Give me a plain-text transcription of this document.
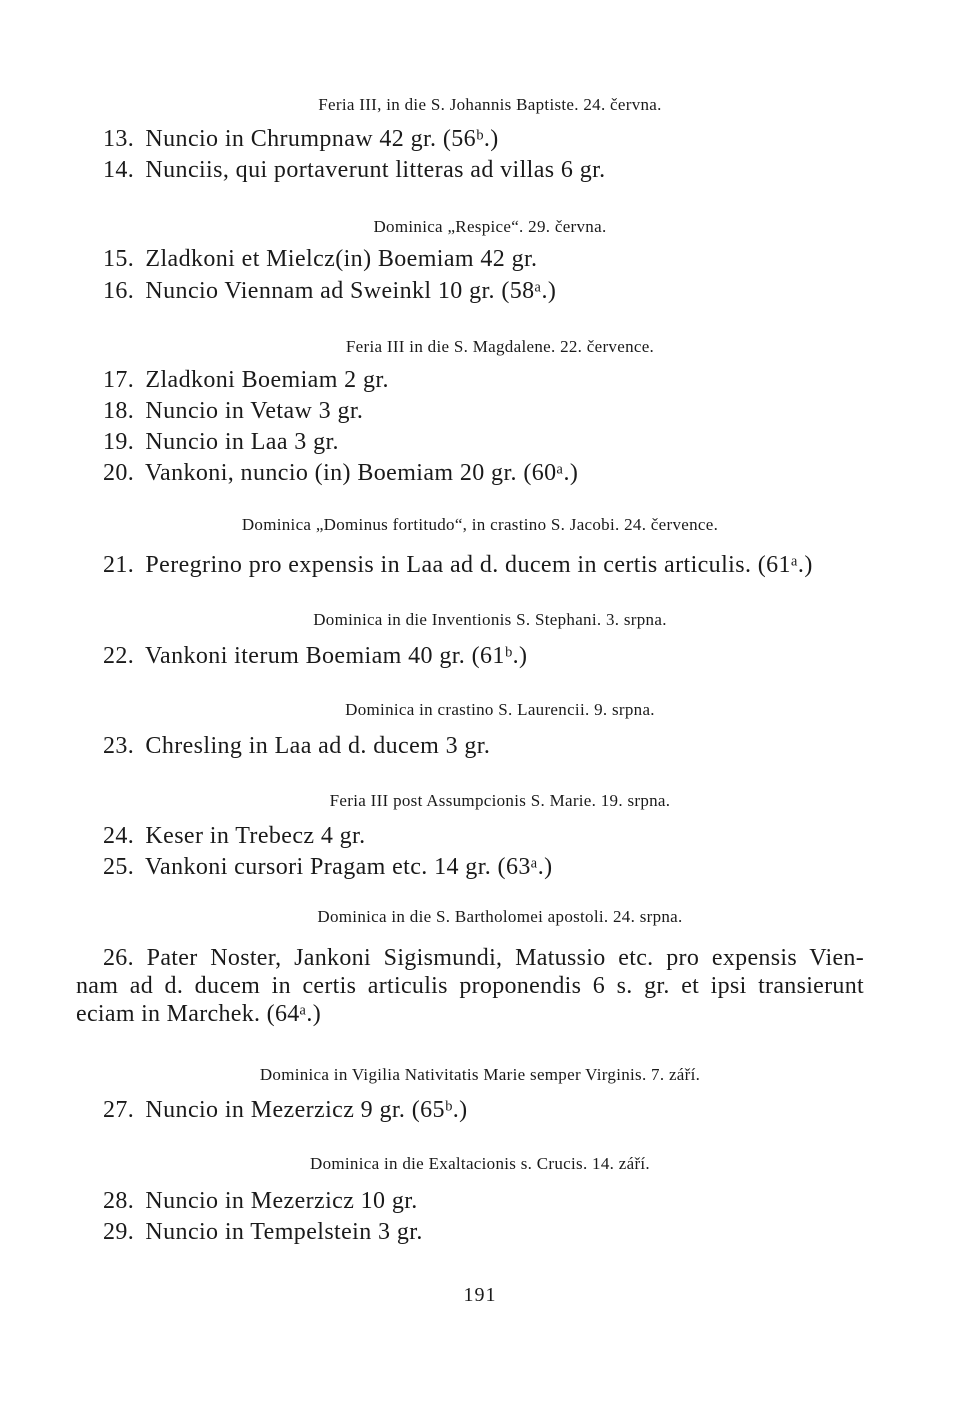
Feria III, in die S. Johannis Baptiste. 24. června.
13. Nuncio in Chrumpnaw 42 gr. (56ᵇ.)
14. Nunciis, qui portaverunt litteras ad villas 6 gr.
Dominica „Respice“. 29. června.
15. Zladkoni et Mielcz(in) Boemiam 42 gr.
16. Nuncio Viennam ad Sweinkl 10 gr. (58ᵃ.)
Feria III in die S. Magdalene. 22. července.
17. Zladkoni Boemiam 2 gr.
18. Nuncio in Vetaw 3 gr.
19. Nuncio in Laa 3 gr.
20. Vankoni, nuncio (in) Boemiam 20 gr. (60ᵃ.)
Dominica „Dominus fortitudo“, in crastino S. Jacobi. 24. července.
21. Peregrino pro expensis in Laa ad d. ducem in certis articulis. (61ᵃ.)
Dominica in die Inventionis S. Stephani. 3. srpna.
22. Vankoni iterum Boemiam 40 gr. (61ᵇ.)
Dominica in crastino S. Laurencii. 9. srpna.
23. Chresling in Laa ad d. ducem 3 gr.
Feria III post Assumpcionis S. Marie. 19. srpna.
24. Keser in Trebecz 4 gr.
25. Vankoni cursori Pragam etc. 14 gr. (63ᵃ.)
Dominica in die S. Bartholomei apostoli. 24. srpna.
26. Pater Noster, Jankoni Sigismundi, Matussio etc. pro expensis Vien-
nam ad d. ducem in certis articulis proponendis 6 s. gr. et ipsi transierunt
eciam in Marchek. (64ᵃ.)
Dominica in Vigilia Nativitatis Marie semper Virginis. 7. září.
27. Nuncio in Mezerzicz 9 gr. (65ᵇ.)
Dominica in die Exaltacionis s. Crucis. 14. září.
28. Nuncio in Mezerzicz 10 gr.
29. Nuncio in Tempelstein 3 gr.
191
